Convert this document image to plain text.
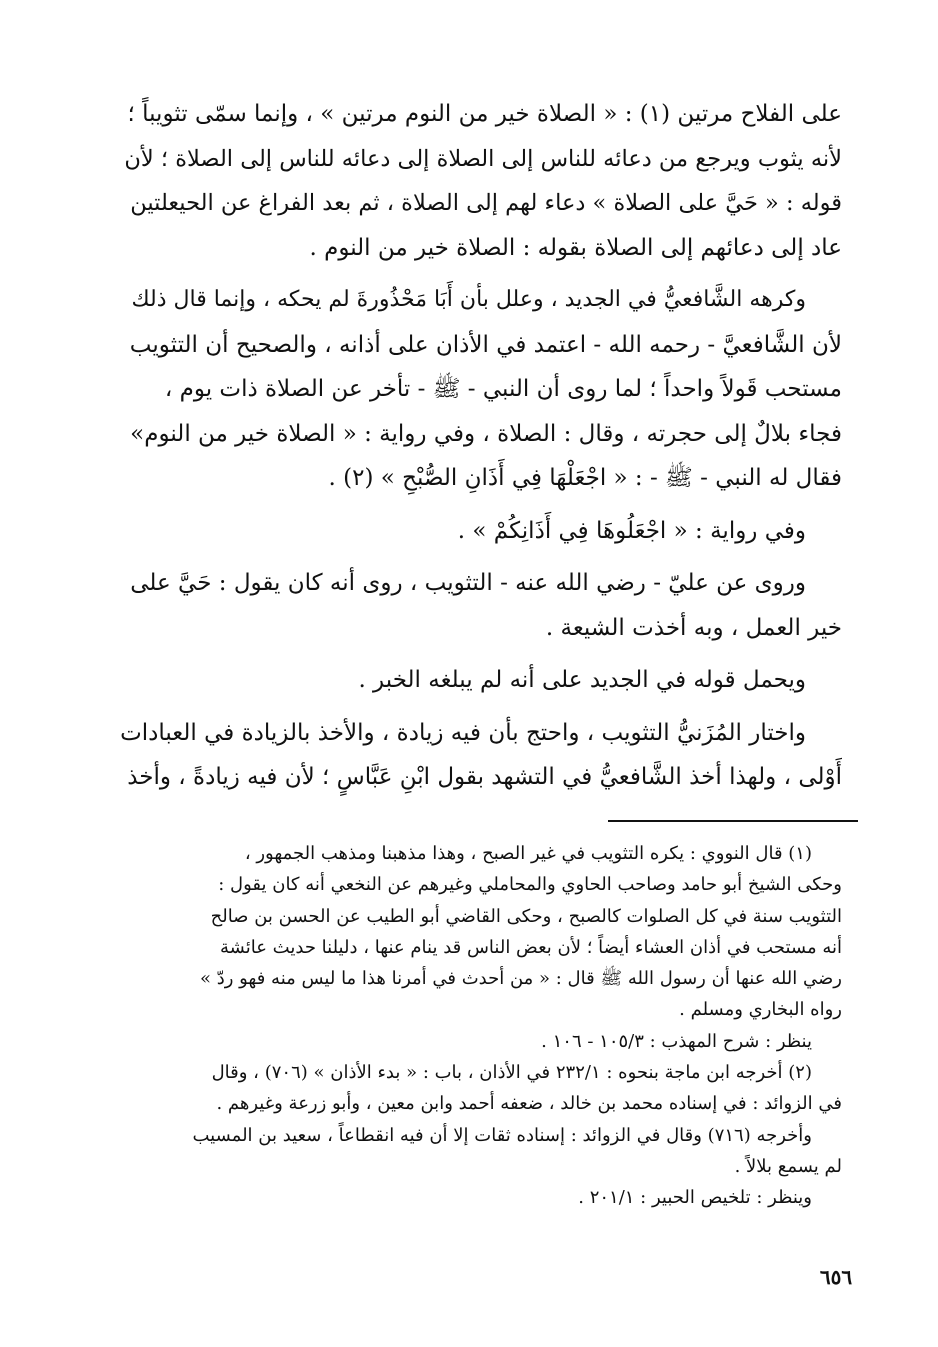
على الفلاح مرتين (١) : « الصلاة خير من النوم مرتين » ، وإنما سمّى تثويباً ؛
لأنه يثوب ويرجع من دعائه للناس إلى الصلاة إلى دعائه للناس إلى الصلاة ؛ لأن
قوله : « حَيَّ على الصلاة » دعاء لهم إلى الصلاة ، ثم بعد الفراغ عن الحيعلتين
عاد إلى دعائهم إلى الصلاة بقوله : الصلاة خير من النوم .
وكرهه الشَّافعيُّ في الجديد ، وعلل بأن أَبَا مَحْذُورةَ لم يحكه ، وإنما قال ذلك
لأن الشَّافعيَّ - رحمه الله - اعتمد في الأذان على أذانه ، والصحيح أن التثويب
مستحب قَولاً واحداً ؛ لما روى أن النبي - ﷺ - تأخر عن الصلاة ذات يوم ،
فجاء بلالٌ إلى حجرته ، وقال : الصلاة ، وفي رواية : « الصلاة خير من النوم»
فقال له النبي - ﷺ - : « اجْعَلْهَا فِي أَذَانِ الصُّبْحِ » (٢) .
وفي رواية : « اجْعَلُوهَا فِي أَذَانِكُمْ » .
وروى عن عليّ - رضي الله عنه - التثويب ، روى أنه كان يقول : حَيَّ على
خير العمل ، وبه أخذت الشيعة .
ويحمل قوله في الجديد على أنه لم يبلغه الخبر .
واختار المُزَنيُّ التثويب ، واحتج بأن فيه زيادة ، والأخذ بالزيادة في العبادات
أَوْلى ، ولهذا أخذ الشَّافعيُّ في التشهد بقول ابْنِ عَبَّاسٍ ؛ لأن فيه زيادةً ، وأخذ
(١) قال النووي : يكره التثويب في غير الصبح ، وهذا مذهبنا ومذهب الجمهور ،
وحكى الشيخ أبو حامد وصاحب الحاوي والمحاملي وغيرهم عن النخعي أنه كان يقول :
التثويب سنة في كل الصلوات كالصبح ، وحكى القاضي أبو الطيب عن الحسن بن صالح
أنه مستحب في أذان العشاء أيضاً ؛ لأن بعض الناس قد ينام عنها ، دليلنا حديث عائشة
رضي الله عنها أن رسول الله ﷺ قال : « من أحدث في أمرنا هذا ما ليس منه فهو ردّ »
رواه البخاري ومسلم .
ينظر : شرح المهذب : ١٠٥/٣ - ١٠٦ .
(٢) أخرجه ابن ماجة بنحوه : ٢٣٢/١ في الأذان ، باب : « بدء الأذان » (٧٠٦) ، وقال
في الزوائد : في إسناده محمد بن خالد ، ضعفه أحمد وابن معين ، وأبو زرعة وغيرهم .
وأخرجه (٧١٦) وقال في الزوائد : إسناده ثقات إلا أن فيه انقطاعاً ، سعيد بن المسيب
لم يسمع بلالاً .
وينظر : تلخيص الحبير : ٢٠١/١ .
٦٥٦
